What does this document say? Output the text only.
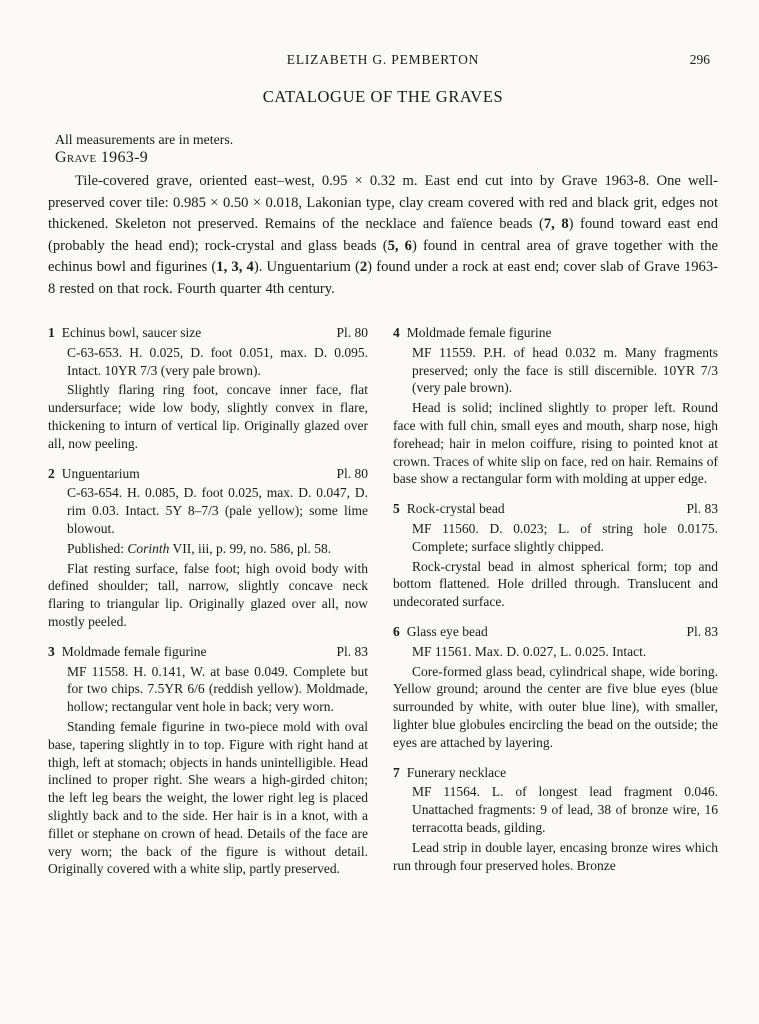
ELIZABETH G. PEMBERTON	296
CATALOGUE OF THE GRAVES
All measurements are in meters.
Grave 1963-9

Tile-covered grave, oriented east–west, 0.95 × 0.32 m. East end cut into by Grave 1963-8. One well-preserved cover tile: 0.985 × 0.50 × 0.018, Lakonian type, clay cream covered with red and black grit, edges not thickened. Skeleton not preserved. Remains of the necklace and faïence beads (7, 8) found toward east end (probably the head end); rock-crystal and glass beads (5, 6) found in central area of grave together with the echinus bowl and figurines (1, 3, 4). Unguentarium (2) found under a rock at east end; cover slab of Grave 1963-8 rested on that rock. Fourth quarter 4th century.

1 Echinus bowl, saucer size	Pl. 80

C-63-653. H. 0.025, D. foot 0.051, max. D. 0.095. Intact. 10YR 7/3 (very pale brown).

Slightly flaring ring foot, concave inner face, flat undersurface; wide low body, slightly convex in flare, thickening to inturn of vertical lip. Originally glazed over all, now peeling.

2 Unguentarium	Pl. 80

C-63-654. H. 0.085, D. foot 0.025, max. D. 0.047, D. rim 0.03. Intact. 5Y 8–7/3 (pale yellow); some lime blowout.

Published: Corinth VII, iii, p. 99, no. 586, pl. 58.

Flat resting surface, false foot; high ovoid body with defined shoulder; tall, narrow, slightly concave neck flaring to triangular lip. Originally glazed over all, now mostly peeled.

3 Moldmade female figurine	Pl. 83

MF 11558. H. 0.141, W. at base 0.049. Complete but for two chips. 7.5YR 6/6 (reddish yellow). Moldmade, hollow; rectangular vent hole in back; very worn.

Standing female figurine in two-piece mold with oval base, tapering slightly in to top. Figure with right hand at thigh, left at stomach; objects in hands unintelligible. Head inclined to proper right. She wears a high-girded chiton; the left leg bears the weight, the lower right leg is placed slightly back and to the side. Her hair is in a knot, with a fillet or stephane on crown of head. Details of the face are very worn; the back of the figure is without detail. Originally covered with a white slip, partly preserved.

4 Moldmade female figurine

MF 11559. P.H. of head 0.032 m. Many fragments preserved; only the face is still discernible. 10YR 7/3 (very pale brown).

Head is solid; inclined slightly to proper left. Round face with full chin, small eyes and mouth, sharp nose, high forehead; hair in melon coiffure, rising to pointed knot at crown. Traces of white slip on face, red on hair. Remains of base show a rectangular form with molding at upper edge.

5 Rock-crystal bead	Pl. 83

MF 11560. D. 0.023; L. of string hole 0.0175. Complete; surface slightly chipped.

Rock-crystal bead in almost spherical form; top and bottom flattened. Hole drilled through. Translucent and undecorated surface.

6 Glass eye bead	Pl. 83

MF 11561. Max. D. 0.027, L. 0.025. Intact.

Core-formed glass bead, cylindrical shape, wide boring. Yellow ground; around the center are five blue eyes (blue surrounded by white, with outer blue line), with smaller, lighter blue globules encircling the bead on the outside; the eyes are attached by layering.

7 Funerary necklace

MF 11564. L. of longest lead fragment 0.046. Unattached fragments: 9 of lead, 38 of bronze wire, 16 terracotta beads, gilding.

Lead strip in double layer, encasing bronze wires which run through four preserved holes. Bronze
